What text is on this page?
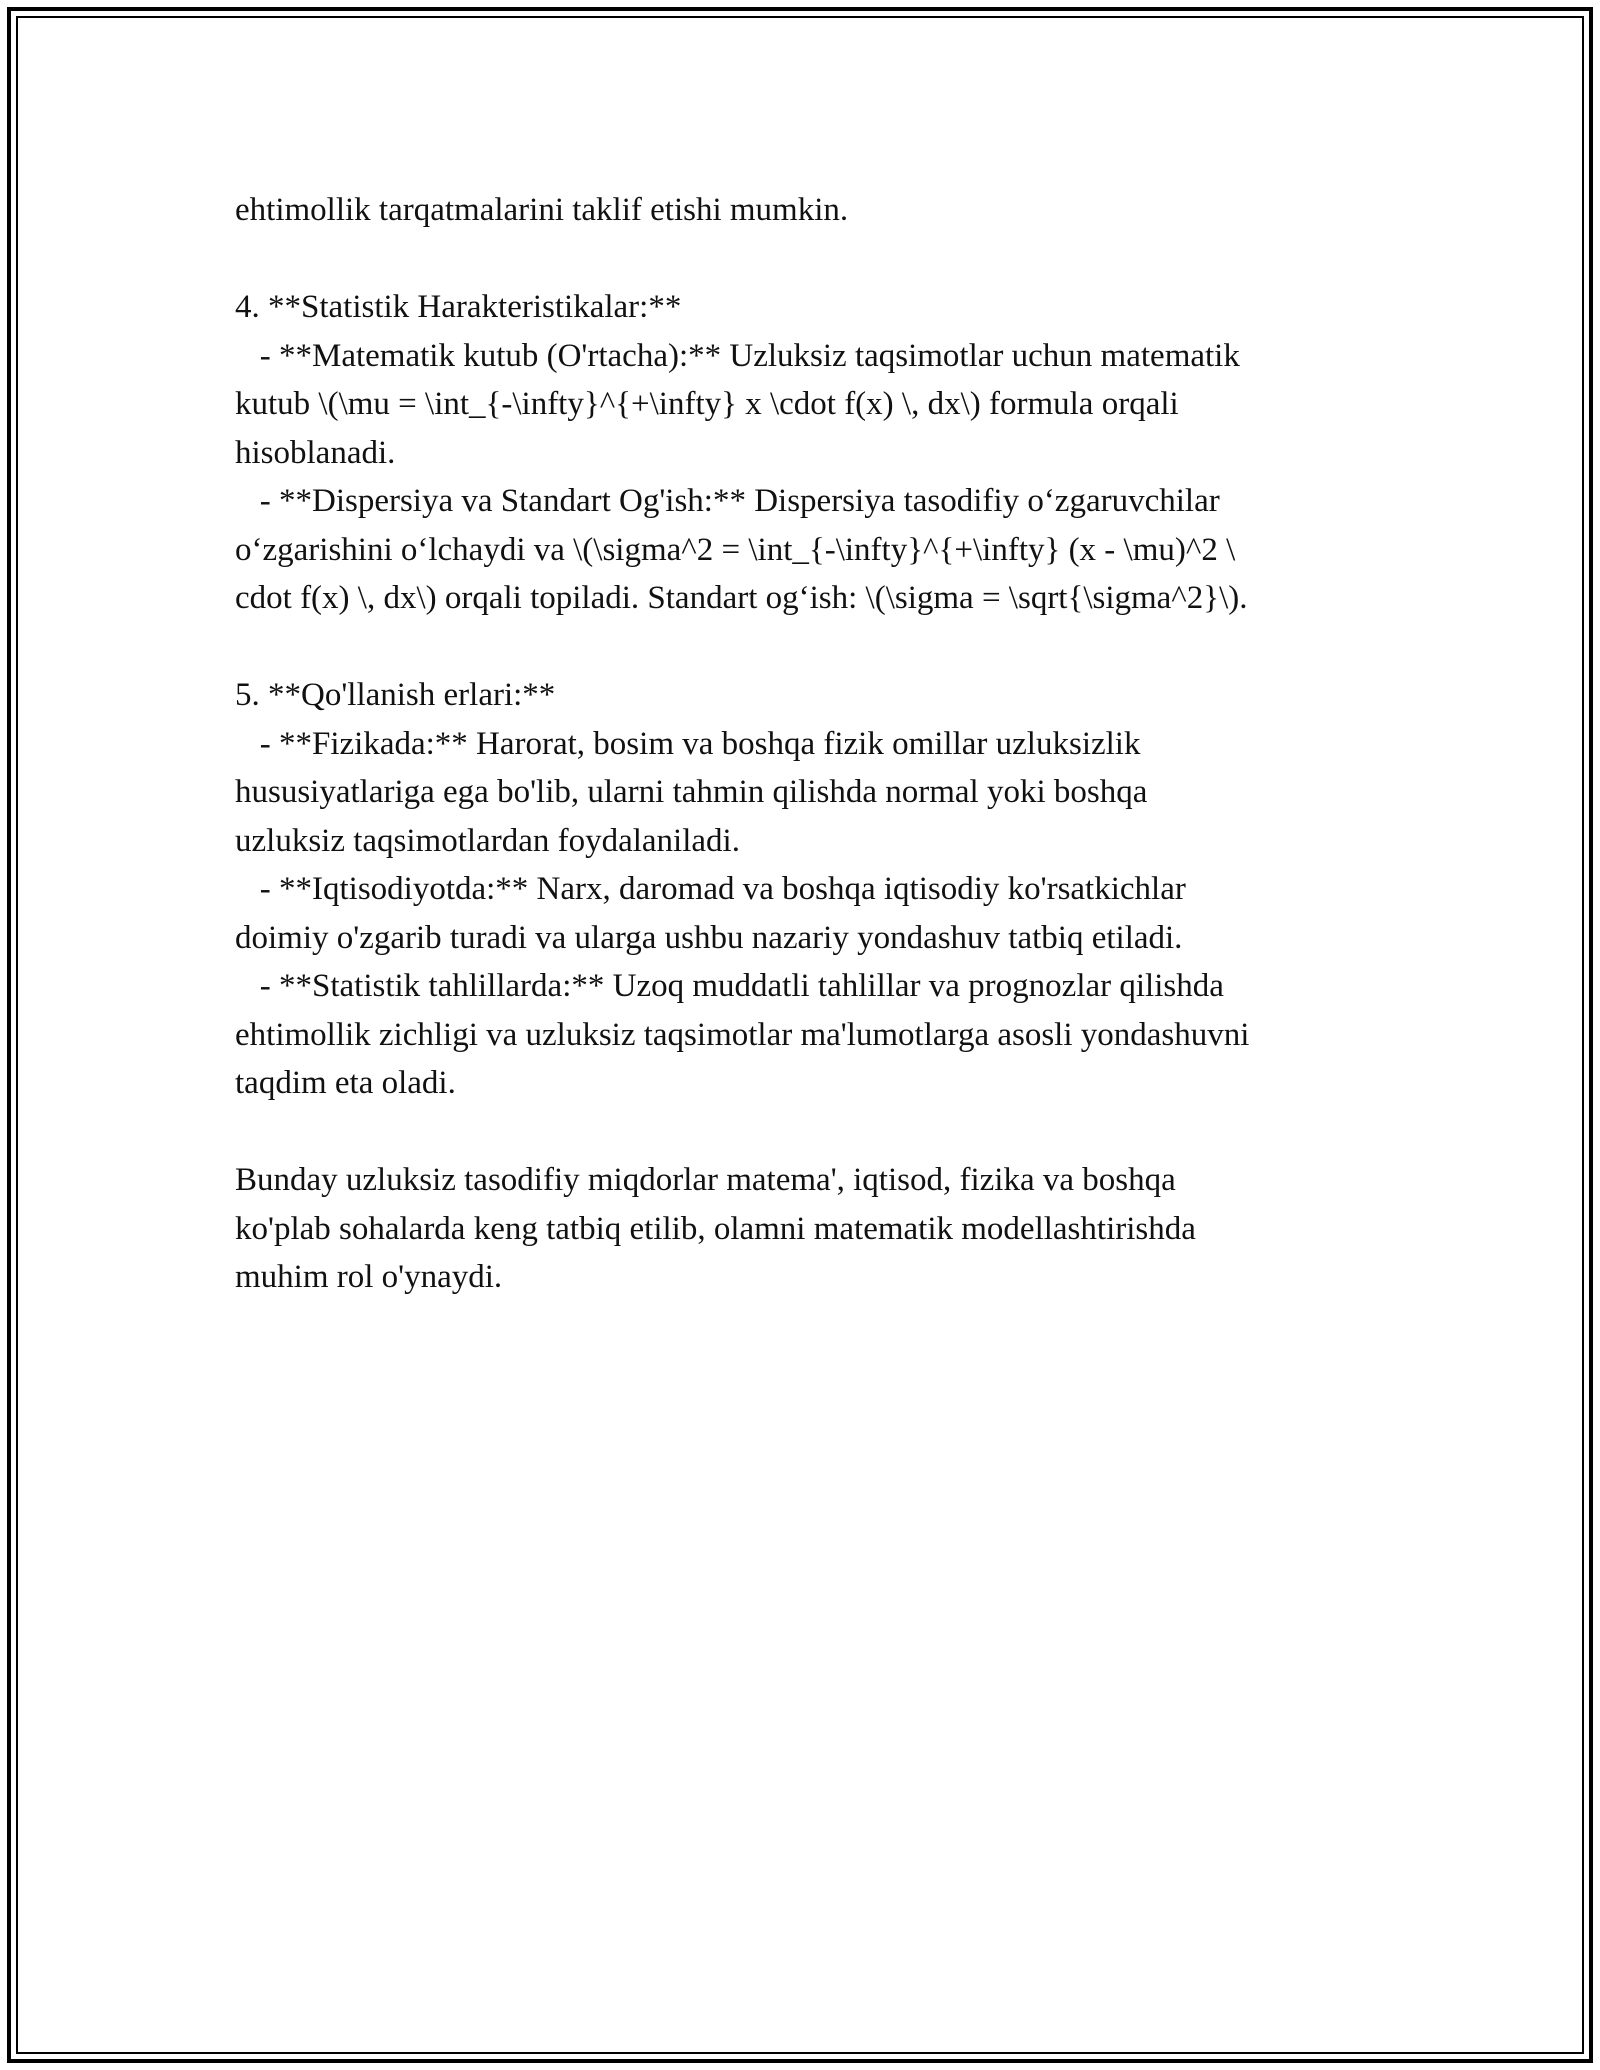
ehtimollik tarqatmalarini taklif etishi mumkin.
4. **Statistik Harakteristikalar:**
- **Matematik kutub (O'rtacha):** Uzluksiz taqsimotlar uchun matematik
kutub \(\mu = \int_{-\infty}^{+\infty} x \cdot f(x) \, dx\) formula orqali
hisoblanadi.
- **Dispersiya va Standart Og'ish:** Dispersiya tasodifiy o‘zgaruvchilar
o‘zgarishini o‘lchaydi va \(\sigma^2 = \int_{-\infty}^{+\infty} (x - \mu)^2 \
cdot f(x) \, dx\) orqali topiladi. Standart og‘ish: \(\sigma = \sqrt{\sigma^2}\).
5. **Qo'llanish erlari:**
- **Fizikada:** Harorat, bosim va boshqa fizik omillar uzluksizlik
hususiyatlariga ega bo'lib, ularni tahmin qilishda normal yoki boshqa
uzluksiz taqsimotlardan foydalaniladi.
- **Iqtisodiyotda:** Narx, daromad va boshqa iqtisodiy ko'rsatkichlar
doimiy o'zgarib turadi va ularga ushbu nazariy yondashuv tatbiq etiladi.
- **Statistik tahlillarda:** Uzoq muddatli tahlillar va prognozlar qilishda
ehtimollik zichligi va uzluksiz taqsimotlar ma'lumotlarga asosli yondashuvni
taqdim eta oladi.
Bunday uzluksiz tasodifiy miqdorlar matema', iqtisod, fizika va boshqa
ko'plab sohalarda keng tatbiq etilib, olamni matematik modellashtirishda
muhim rol o'ynaydi.
